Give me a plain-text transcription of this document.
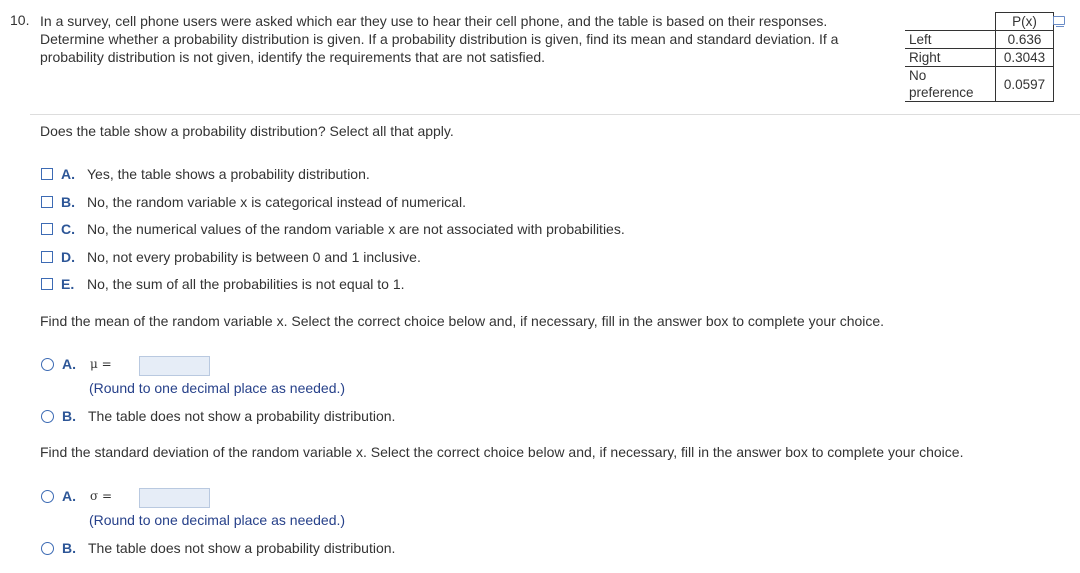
10. In a survey, cell phone users were asked which ear they use to hear their cell phone, and the table is based on their responses.
Determine whether a probability distribution is given. If a probability distribution is given, find its mean and standard deviation. If a
probability distribution is not given, identify the requirements that are not satisfied.
	P(x)
Left	0.636
Right	0.3043

No
preference	0.0597
Does the table show a probability distribution? Select all that apply.
A. Yes, the table shows a probability distribution.
B. No, the random variable x is categorical instead of numerical.
C. No, the numerical values of the random variable x are not associated with probabilities.
D. No, not every probability is between 0 and 1 inclusive.
E. No, the sum of all the probabilities is not equal to 1.
Find the mean of the random variable x. Select the correct choice below and, if necessary, fill in the answer box to complete your choice.
A.	μ =
(Round to one decimal place as needed.)
B. The table does not show a probability distribution.
Find the standard deviation of the random variable x. Select the correct choice below and, if necessary, fill in the answer box to complete your choice.
A.	σ =
(Round to one decimal place as needed.)
B. The table does not show a probability distribution.
